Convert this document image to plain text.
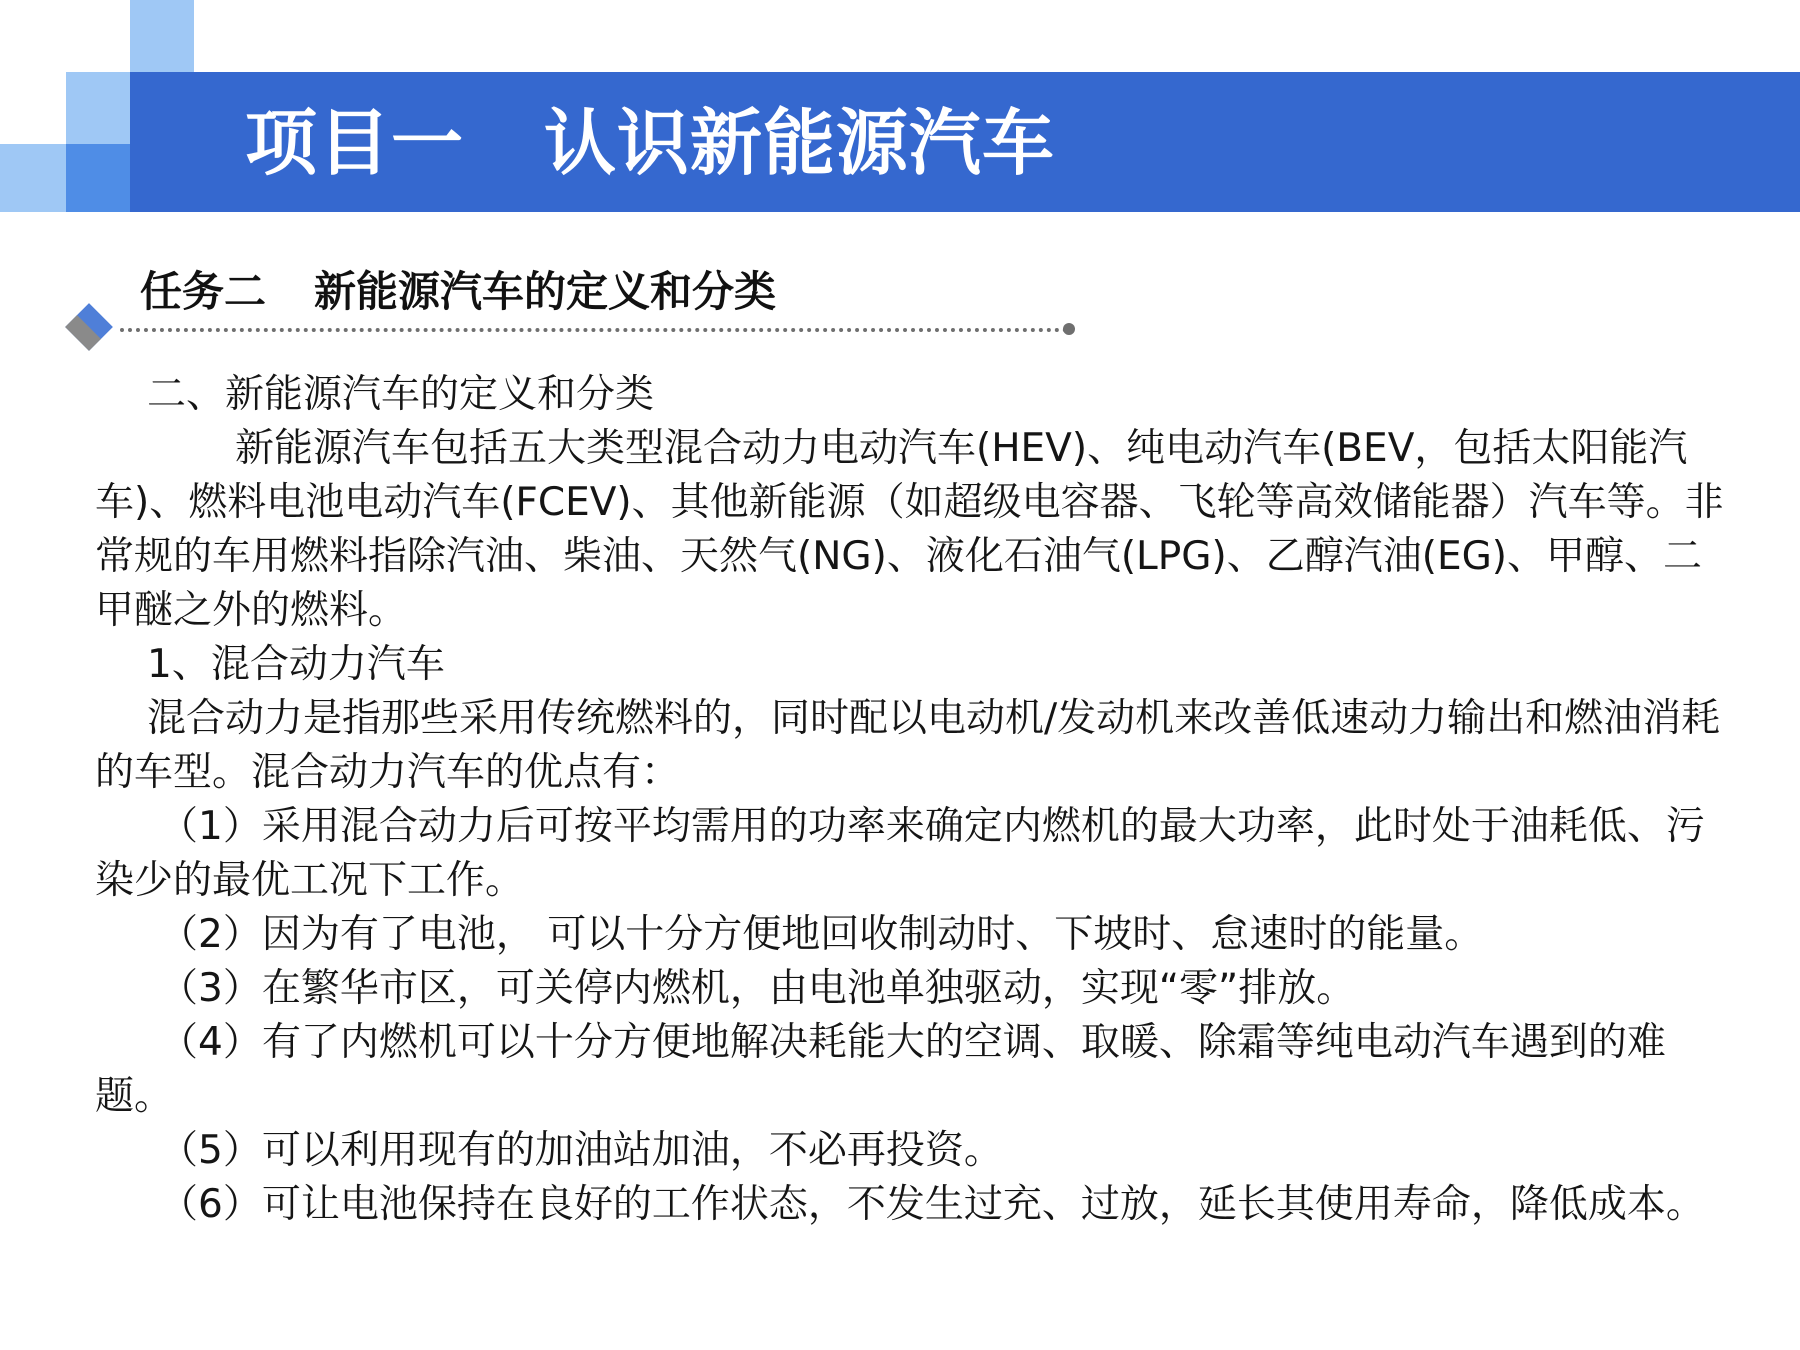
项目一 认识新能源汽车
任务二 新能源汽车的定义和分类

二、新能源汽车的定义和分类

新能源汽车包括五大类型混合动力电动汽车(HEV)、纯电动汽车(BEV，包括太阳能汽车)、燃料电池电动汽车(FCEV)、其他新能源（如超级电容器、飞轮等高效储能器）汽车等。非常规的车用燃料指除汽油、柴油、天然气(NG)、液化石油气(LPG)、乙醇汽油(EG)、甲醇、二甲醚之外的燃料。

1、混合动力汽车

混合动力是指那些采用传统燃料的，同时配以电动机/发动机来改善低速动力输出和燃油消耗的车型。混合动力汽车的优点有：

（1）采用混合动力后可按平均需用的功率来确定内燃机的最大功率，此时处于油耗低、污染少的最优工况下工作。

（2）因为有了电池， 可以十分方便地回收制动时、下坡时、怠速时的能量。

（3）在繁华市区，可关停内燃机，由电池单独驱动，实现“零”排放。

（4）有了内燃机可以十分方便地解决耗能大的空调、取暖、除霜等纯电动汽车遇到的难题。

（5）可以利用现有的加油站加油，不必再投资。

（6）可让电池保持在良好的工作状态，不发生过充、过放，延长其使用寿命，降低成本。
